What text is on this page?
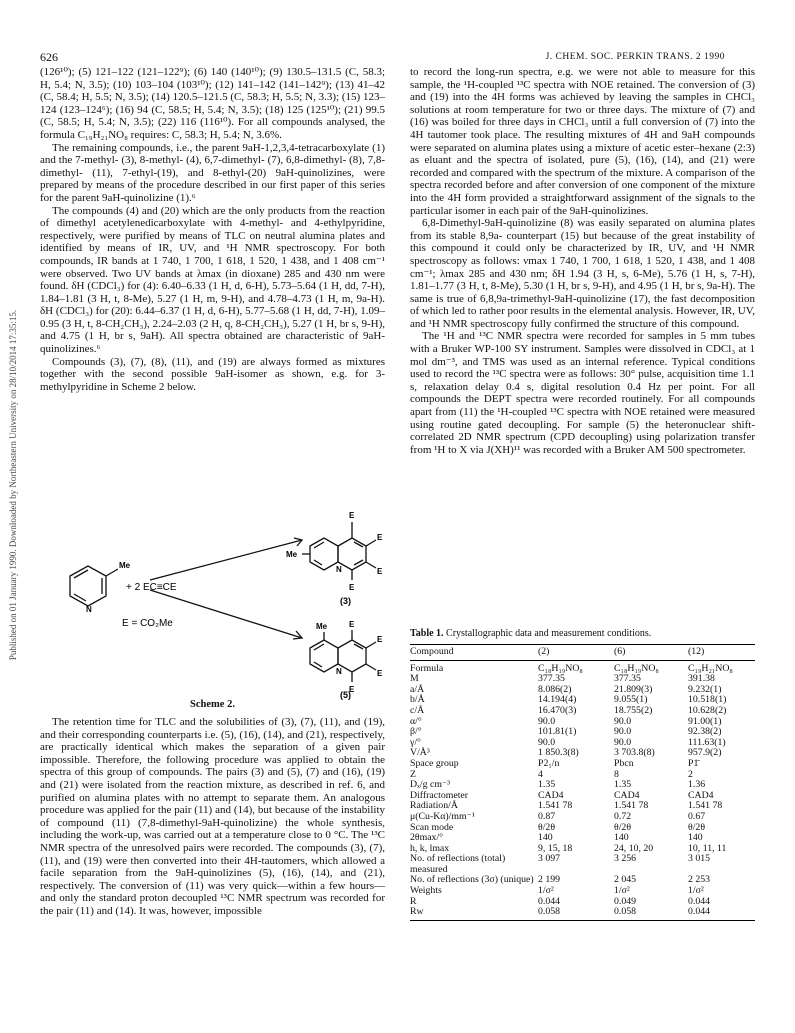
Published on 01 January 1990. Downloaded by Northeastern University on 28/10/2014 17:35:15.
626	J. CHEM. SOC. PERKIN TRANS. 2 1990

(126¹⁰); (5) 121–122 (121–122⁹); (6) 140 (140¹⁰); (9) 130.5–131.5 (C, 58.3; H, 5.4; N, 3.5); (10) 103–104 (103¹⁰); (12) 141–142 (141–142⁹); (13) 41–42 (C, 58.4; H, 5.5; N, 3.5); (14) 120.5–121.5 (C, 58.3; H, 5.5; N, 3.3); (15) 123–124 (123–124⁶); (16) 94 (C, 58.5; H, 5.4; N, 3.5); (18) 125 (125¹⁰); (21) 99.5 (C, 58.5; H, 5.4; N, 3.5); (22) 116 (116¹⁰). For all compounds analysed, the formula C₁₉H₂₁NO₈ requires: C, 58.3; H, 5.4; N, 3.6%.

The remaining compounds, i.e., the parent 9aH-1,2,3,4-tetracarboxylate (1) and the 7-methyl- (3), 8-methyl- (4), 6,7-dimethyl- (7), 6,8-dimethyl- (8), 7,8-dimethyl- (11), 7-ethyl-(19), and 8-ethyl-(20) 9aH-quinolizines, were prepared by means of the procedure described in our first paper of this series for the parent 9aH-quinolizine (1).⁶

The compounds (4) and (20) which are the only products from the reaction of dimethyl acetylenedicarboxylate with 4-methyl- and 4-ethylpyridine, respectively, were purified by means of TLC on neutral alumina plates and identified by means of IR, UV, and ¹H NMR spectroscopy. For both compounds, IR bands at 1 740, 1 700, 1 618, 1 520, 1 438, and 1 408 cm⁻¹ were observed. Two UV bands at λmax (in dioxane) 285 and 430 nm were found. δH (CDCl₃) for (4): 6.40–6.33 (1 H, d, 6-H), 5.73–5.64 (1 H, dd, 7-H), 1.84–1.81 (3 H, t, 8-Me), 5.27 (1 H, m, 9-H), and 4.78–4.73 (1 H, m, 9a-H). δH (CDCl₃) for (20): 6.44–6.37 (1 H, d, 6-H), 5.77–5.68 (1 H, dd, 7-H), 1.09–0.95 (3 H, t, 8-CH₂CH₃), 2.24–2.03 (2 H, q, 8-CH₂CH₃), 5.27 (1 H, br s, 9-H), and 4.75 (1 H, br s, 9aH). All spectra obtained are characteristic of 9aH-quinolizines.⁶

Compounds (3), (7), (8), (11), and (19) are always formed as mixtures together with the second possible 9aH-isomer as shown, e.g. for 3-methylpyridine in Scheme 2 below.

N
Me
+ 2 EC≡CE
E = CO₂Me
N
Me
E
E
E
E
(3)
N
Me	E
E
E
E
(5)
Scheme 2.

The retention time for TLC and the solubilities of (3), (7), (11), and (19), and their corresponding counterparts i.e. (5), (16), (14), and (21), respectively, are practically identical which makes the separation of a given pair impossible. Therefore, the following procedure was applied to obtain the spectra of this group of compounds. The pairs (3) and (5), (7) and (16), (19) and (21) were isolated from the reaction mixture, as described in ref. 6, and purified on alumina plates with no attempt to separate them. An analogous procedure was applied for the pair (11) and (14), but because of the instability of compound (11) (7,8-dimethyl-9aH-quinolizine) the whole synthesis, including the work-up, was carried out at a temperature close to 0 °C. The ¹³C NMR spectra of the unresolved pairs were recorded. The compounds (3), (7), (11), and (19) were then converted into their 4H-tautomers, which allowed a facile separation from the 9aH-quinolizines (5), (16), (14), and (21), respectively. The conversion of (11) was very quick—within a few hours—and only the standard proton decoupled ¹³C NMR spectrum was recorded for the pair (11) and (14). It was, however, impossible

to record the long-run spectra, e.g. we were not able to measure for this sample, the ¹H-coupled ¹³C spectra with NOE retained. The conversion of (3) and (19) into the 4H forms was achieved by leaving the samples in CHCl₃ solutions at room temperature for two or three days. The mixture of (7) and (16) was boiled for three days in CHCl₃ until a full conversion of (7) into the 4H tautomer took place. The resulting mixtures of 4H and 9aH compounds were separated on alumina plates using a mixture of acetic ester–hexane (2:3) as eluant and the spectra of isolated, pure (5), (16), (14), and (21) were recorded and compared with the spectrum of the mixture. A comparison of the spectra recorded before and after conversion of one component of the mixture into the 4H form provided a straightforward assignment of the signals to the particular isomer in each pair of the 9aH-quinolizines.

6,8-Dimethyl-9aH-quinolizine (8) was easily separated on alumina plates from its stable 8,9a- counterpart (15) but because of the great instability of this compound it could only be characterized by IR, UV, and ¹H NMR spectroscopy as follows: νmax 1 740, 1 700, 1 618, 1 520, 1 438, and 1 408 cm⁻¹; λmax 285 and 430 nm; δH 1.94 (3 H, s, 6-Me), 5.76 (1 H, s, 7-H), 1.81–1.77 (3 H, t, 8-Me), 5.30 (1 H, br s, 9-H), and 4.95 (1 H, br s, 9a-H). The same is true of 6,8,9a-trimethyl-9aH-quinolizine (17), the fast decomposition of which led to rather poor results in the elemental analysis. However, IR, UV, and ¹H NMR spectroscopy fully confirmed the structure of this compound.

The ¹H and ¹³C NMR spectra were recorded for samples in 5 mm tubes with a Bruker WP-100 SY instrument. Samples were dissolved in CDCl₃ at 1 mol dm⁻³, and TMS was used as an internal reference. Typical conditions used to record the ¹³C spectra were as follows: 30° pulse, acquisition time 1.1 s, relaxation delay 0.4 s, digital resolution 0.4 Hz per point. For all compounds the DEPT spectra were recorded routinely. For all compounds apart from (11) the ¹H-coupled ¹³C spectra with NOE retained were measured using routine gated decoupling. For sample (5) the heteronuclear shift-correlated 2D NMR spectrum (CPD decoupling) using polarization transfer from ¹H to X via J(XH)¹¹ was recorded with a Bruker AM 500 spectrometer.

Table 1. Crystallographic data and measurement conditions.
Compound	(2)	(6)	(12)
Formula	C₁₈H₁₉NO₈	C₁₈H₁₉NO₈	C₁₉H₂₁NO₈
M	377.35	377.35	391.38
a/Å	8.086(2)	21.809(3)	9.232(1)
b/Å	14.194(4)	9.055(1)	10.518(1)
c/Å	16.470(3)	18.755(2)	10.628(2)
α/°	90.0	90.0	91.00(1)
β/°	101.81(1)	90.0	92.38(2)
γ/°	90.0	90.0	111.63(1)
V/Å³	1 850.3(8)	3 703.8(8)	957.9(2)
Space group	P2₁/n	Pbcn	P1̄
Z	4	8	2
Dₓ/g cm⁻³	1.35	1.35	1.36
Diffractometer	CAD4	CAD4	CAD4
Radiation/Å	1.541 78	1.541 78	1.541 78
μ(Cu-Kα)/mm⁻¹	0.87	0.72	0.67
Scan mode	θ/2θ	θ/2θ	θ/2θ
2θmax/°	140	140	140
h, k, lmax	9, 15, 18	24, 10, 20	10, 11, 11
No. of reflections (total) measured	3 097	3 256	3 015
No. of reflections (3σ) (unique)	2 199	2 045	2 253
Weights	1/σ²	1/σ²	1/σ²
R	0.044	0.049	0.044
Rw	0.058	0.058	0.044
